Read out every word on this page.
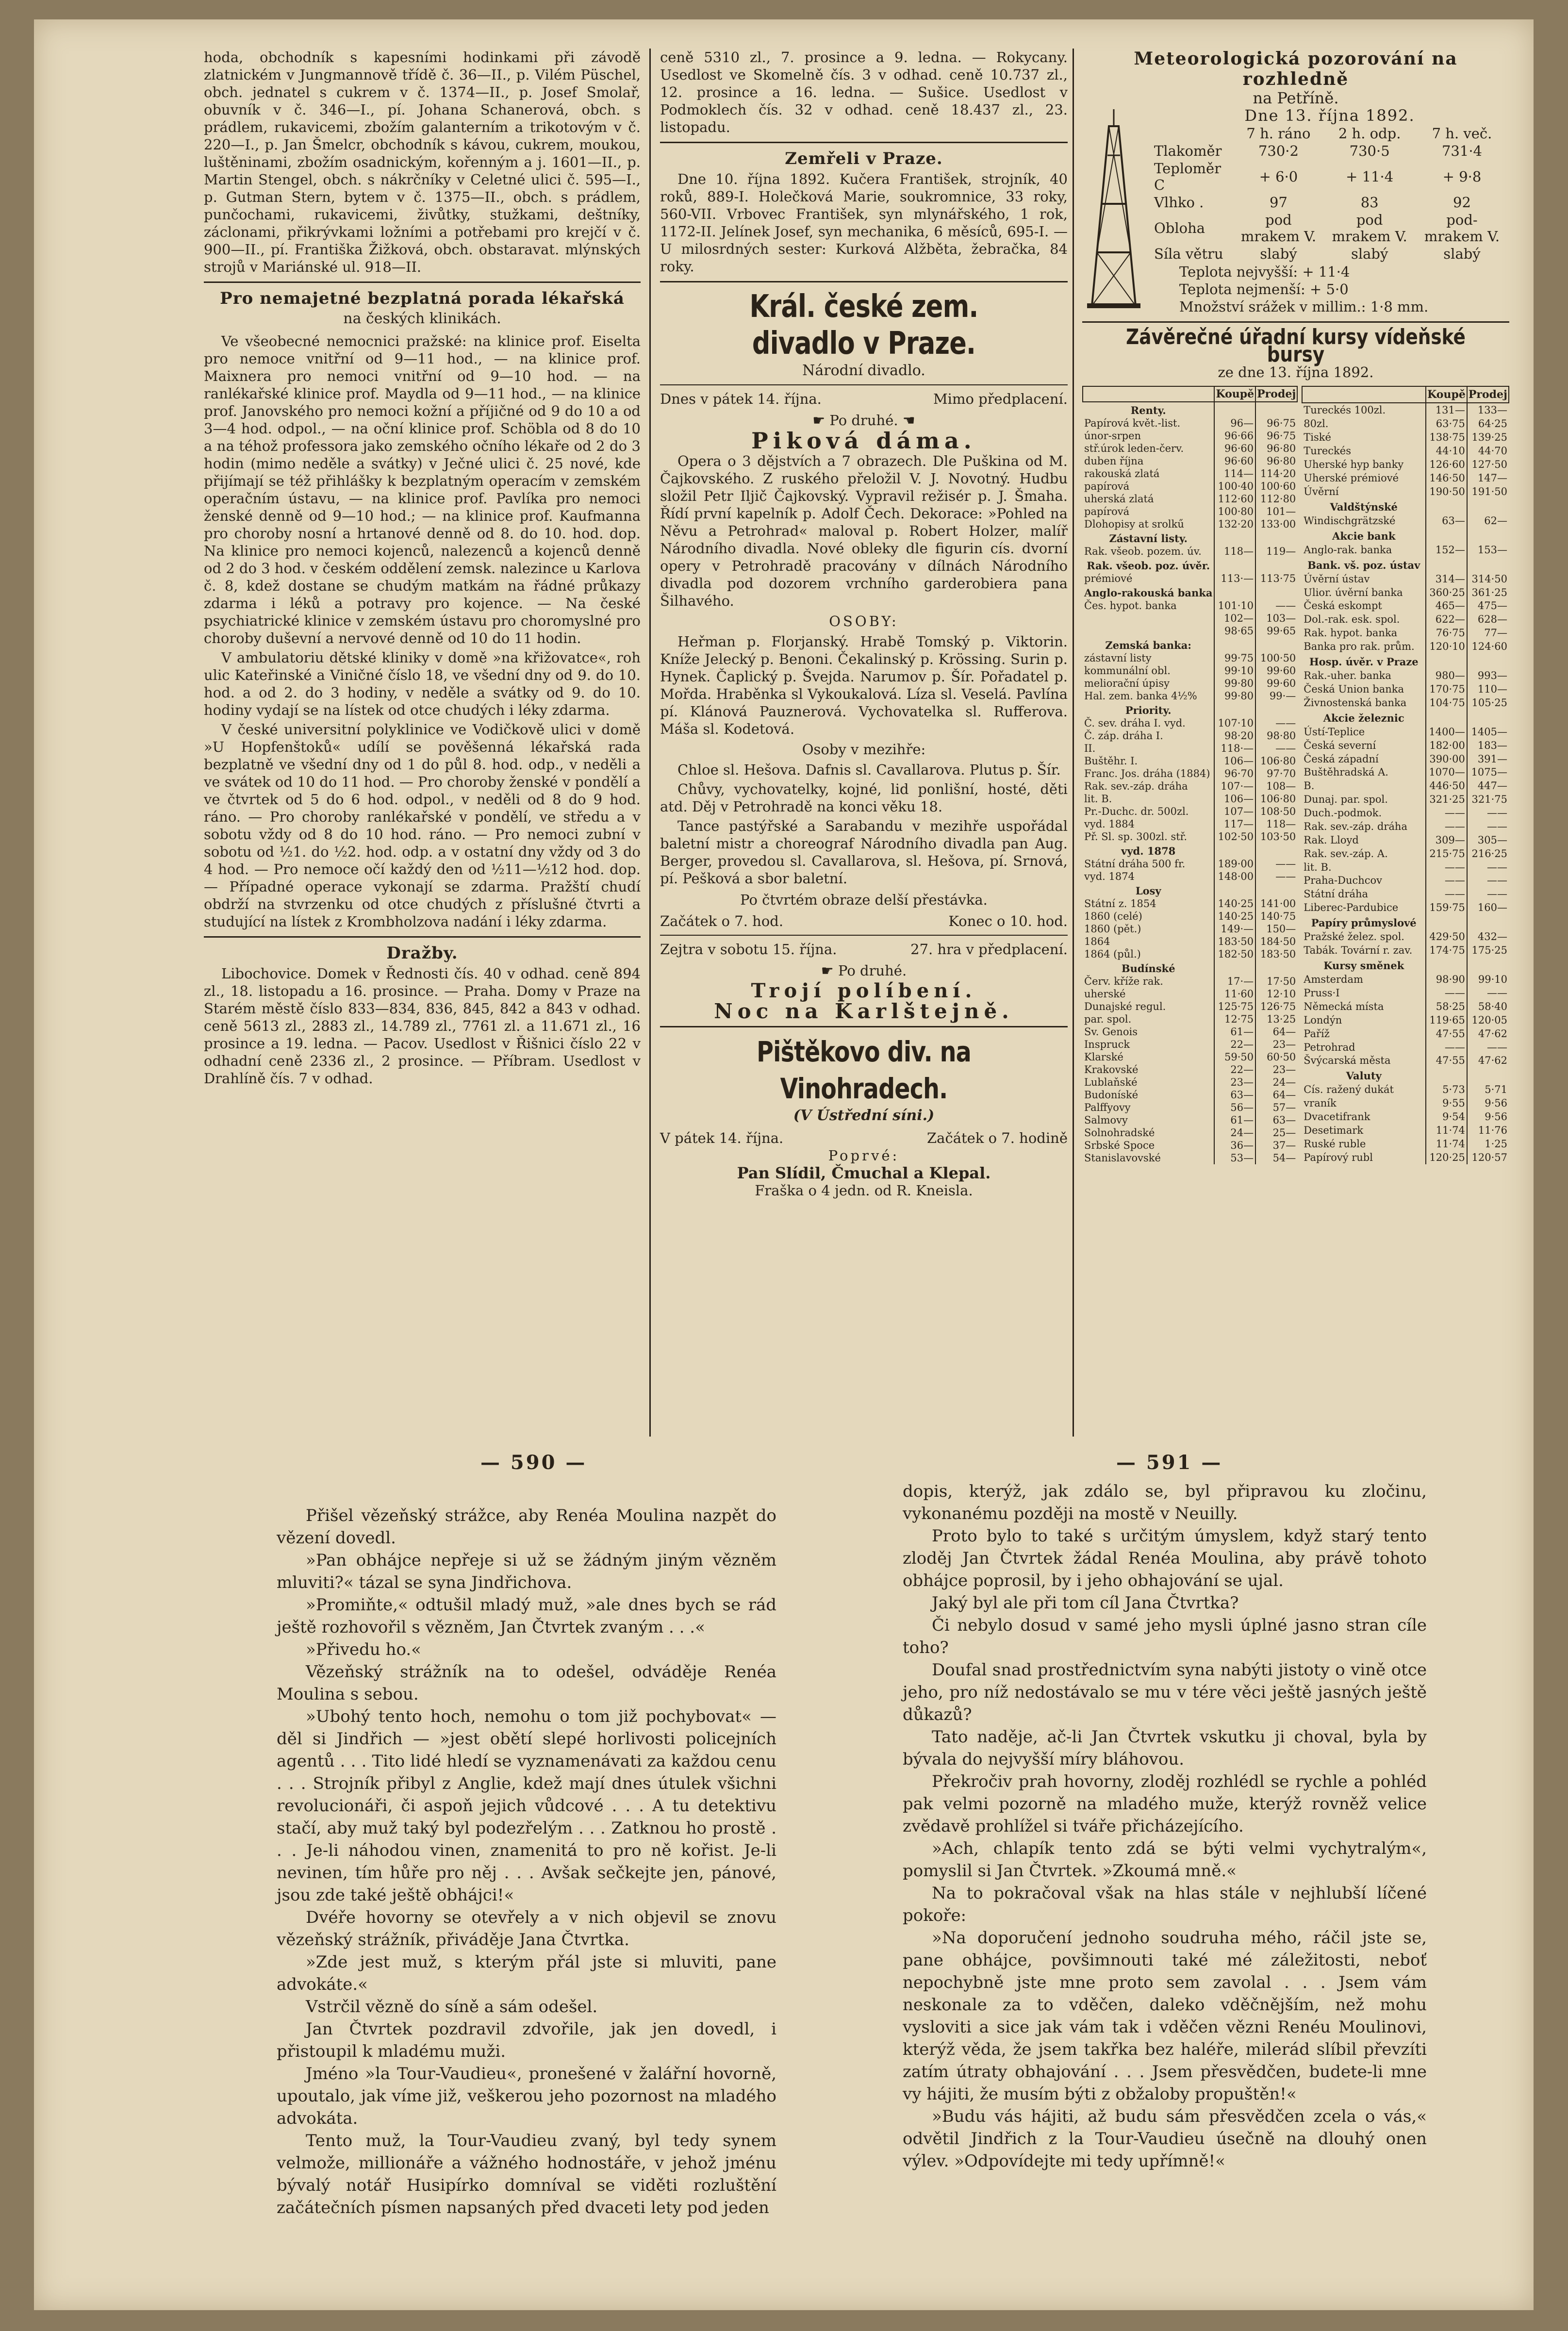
hoda, obchodník s kapesními hodinkami při závodě zlatnickém v Jungmannově třídě č. 36—II., p. Vilém Püschel, obch. jednatel s cukrem v č. 1374—II., p. Josef Smolař, obuvník v č. 346—I., pí. Johana Schanerová, obch. s prádlem, rukavicemi, zbožím galanterním a trikotovým v č. 220—I., p. Jan Šmelcr, obchodník s kávou, cukrem, moukou, luštěninami, zbožím osadnickým, kořenným a j. 1601—II., p. Martin Stengel, obch. s nákrčníky v Celetné ulici č. 595—I., p. Gutman Stern, bytem v č. 1375—II., obch. s prádlem, punčochami, rukavicemi, živůtky, stužkami, deštníky, záclonami, přikrývkami ložními a potřebami pro krejčí v č. 900—II., pí. Františka Žižková, obch. obstaravat. mlýnských strojů v Mariánské ul. 918—II.

Pro nemajetné bezplatná porada lékařská
na českých klinikách.

Ve všeobecné nemocnici pražské: na klinice prof. Eiselta pro nemoce vnitřní od 9—11 hod., — na klinice prof. Maixnera pro nemoci vnitřní od 9—10 hod. — na ranlékařské klinice prof. Maydla od 9—11 hod., — na klinice prof. Janovského pro nemoci kožní a příjičné od 9 do 10 a od 3—4 hod. odpol., — na oční klinice prof. Schöbla od 8 do 10 a na téhož professora jako zemského očního lékaře od 2 do 3 hodin (mimo neděle a svátky) v Ječné ulici č. 25 nové, kde přijímají se též přihlášky k bezplatným operacím v zemském operačním ústavu, — na klinice prof. Pavlíka pro nemoci ženské denně od 9—10 hod.; — na klinice prof. Kaufmanna pro choroby nosní a hrtanové denně od 8. do 10. hod. dop. Na klinice pro nemoci kojenců, nalezenců a kojenců denně od 2 do 3 hod. v českém oddělení zemsk. nalezince u Karlova č. 8, kdež dostane se chudým matkám na řádné průkazy zdarma i léků a potravy pro kojence. — Na české psychiatrické klinice v zemském ústavu pro choromyslné pro choroby duševní a nervové denně od 10 do 11 hodin.

V ambulatoriu dětské kliniky v domě »na křižovatce«, roh ulic Kateřinské a Viničné číslo 18, ve všední dny od 9. do 10. hod. a od 2. do 3 hodiny, v neděle a svátky od 9. do 10. hodiny vydají se na lístek od otce chudých i léky zdarma.

V české universitní polyklinice ve Vodičkově ulici v domě »U Hopfenštoků« udílí se pověšenná lékařská rada bezplatně ve všední dny od 1 do půl 8. hod. odp., v neděli a ve svátek od 10 do 11 hod. — Pro choroby ženské v pondělí a ve čtvrtek od 5 do 6 hod. odpol., v neděli od 8 do 9 hod. ráno. — Pro choroby ranlékařské v pondělí, ve středu a v sobotu vždy od 8 do 10 hod. ráno. — Pro nemoci zubní v sobotu od ½1. do ½2. hod. odp. a v ostatní dny vždy od 3 do 4 hod. — Pro nemoce očí každý den od ½11—½12 hod. dop. — Případné operace vykonají se zdarma. Pražští chudí obdrží na stvrzenku od otce chudých z příslušné čtvrti a studující na lístek z Krombholzova nadání i léky zdarma.

Dražby.

Libochovice. Domek v Řednosti čís. 40 v odhad. ceně 894 zl., 18. listopadu a 16. prosince. — Praha. Domy v Praze na Starém městě číslo 833—834, 836, 845, 842 a 843 v odhad. ceně 5613 zl., 2883 zl., 14.789 zl., 7761 zl. a 11.671 zl., 16 prosince a 19. ledna. — Pacov. Usedlost v Řišnici číslo 22 v odhadní ceně 2336 zl., 2 prosince. — Příbram. Usedlost v Drahlíně čís. 7 v odhad.

ceně 5310 zl., 7. prosince a 9. ledna. — Rokycany. Usedlost ve Skomelně čís. 3 v odhad. ceně 10.737 zl., 12. prosince a 16. ledna. — Sušice. Usedlost v Podmoklech čís. 32 v odhad. ceně 18.437 zl., 23. listopadu.

Zemřeli v Praze.

Dne 10. října 1892. Kučera František, strojník, 40 roků, 889-I. Holečková Marie, soukromnice, 33 roky, 560-VII. Vrbovec František, syn mlynářského, 1 rok, 1172-II. Jelínek Josef, syn mechanika, 6 měsíců, 695-I. — U milosrdných sester: Kurková Alžběta, žebračka, 84 roky.

Král. české zem. divadlo v Praze.
Národní divadlo.
Dnes v pátek 14. října.	Mimo předplacení.
☛ Po druhé. ☚
Piková dáma.

Opera o 3 dějstvích a 7 obrazech. Dle Puškina od M. Čajkovského. Z ruského přeložil V. J. Novotný. Hudbu složil Petr Iljič Čajkovský. Vypravil režisér p. J. Šmaha. Řídí první kapelník p. Adolf Čech. Dekorace: »Pohled na Něvu a Petrohrad« maloval p. Robert Holzer, malíř Národního divadla. Nové obleky dle figurin cís. dvorní opery v Petrohradě pracovány v dílnách Národního divadla pod dozorem vrchního garderobiera pana Šilhavého.

OSOBY:

Heřman p. Florjanský. Hrabě Tomský p. Viktorin. Kníže Jelecký p. Benoni. Čekalinský p. Krössing. Surin p. Hynek. Čaplický p. Švejda. Narumov p. Šír. Pořadatel p. Mořda. Hraběnka sl Vykoukalová. Líza sl. Veselá. Pavlína pí. Klánová Pauznerová. Vychovatelka sl. Rufferova. Máša sl. Kodetová.

Osoby v mezihře:

Chloe sl. Hešova. Dafnis sl. Cavallarova. Plutus p. Šír.

Chůvy, vychovatelky, kojné, lid ponlišní, hosté, děti atd. Děj v Petrohradě na konci věku 18.

Tance pastýřské a Sarabandu v mezihře uspořádal baletní mistr a choreograf Národního divadla pan Aug. Berger, provedou sl. Cavallarova, sl. Hešova, pí. Srnová, pí. Pešková a sbor baletní.

Po čtvrtém obraze delší přestávka.
Začátek o 7. hod.	Konec o 10. hod.
Zejtra v sobotu 15. října.	27. hra v předplacení.
☛ Po druhé.
Trojí políbení.
Noc na Karlštejně.
Pištěkovo div. na Vinohradech.
(V Ústřední síni.)
V pátek 14. října.	Začátek o 7. hodině
Poprvé:
Pan Slídil, Čmuchal a Klepal.
Fraška o 4 jedn. od R. Kneisla.
Meteorologická pozorování na rozhledně
na Petříně.
Dne 13. října 1892.
	7 h. ráno	2 h. odp.	7 h. več.
Tlakoměr	730·2	730·5	731·4
Teploměr C	+ 6·0	+ 11·4	+ 9·8
Vlhko .	97	83	92
Obloha	pod mrakem V.	pod mrakem V.	pod- mrakem V.
Síla větru	slabý	slabý	slabý
Teplota nejvyšší: + 11·4
Teplota nejmenší: + 5·0
Množství srážek v millim.: 1·8 mm.
Závěrečné úřadní kursy vídeňské bursy
ze dne 13. října 1892.
	Koupě	Prodej
Renty.		
Papírová květ.-list.	96—	96·75
únor-srpen	96·66	96·75
stř.úrok leden-červ.	96·60	96·80
duben října	96·60	96·80
rakouská zlatá	114—	114·20
papírová	100·40	100·60
uherská zlatá	112·60	112·80
papírová	100·80	101—
Dlohopisy at srolkű	132·20	133·00
Zástavní listy.		
Rak. všeob. pozem. úv.	118—	119—
Rak. všeob. poz. úvěr.		
prémiové	113·—	113·75
Anglo-rakouská banka		
Čes. hypot. banka	101·10	——
	102—	103—
	98·65	99·65
Zemská banka:		
zástavní listy	99·75	100·50
kommunální obl.	99·10	99·60
meliorační úpisy	99·80	99·60
Hal. zem. banka 4½%	99·80	99·—
Priority.		
Č. sev. dráha I. vyd.	107·10	——
Č. záp. dráha I.	98·20	98·80
II.	118·—	——
Buštěhr. I.	106—	106·80
Franc. Jos. dráha (1884)	96·70	97·70
Rak. sev.-záp. dráha	107·—	108—
lit. B.	106—	106·80
Pr.-Duchc. dr. 500zl.	107—	108·50
vyd. 1884	117—	118—
Př. Sl. sp. 300zl. stř.	102·50	103·50
vyd. 1878		
Státní dráha 500 fr.	189·00	——
vyd. 1874	148·00	——
Losy		
Státní z. 1854	140·25	141·00
1860 (celé)	140·25	140·75
1860 (pět.)	149·—	150—
1864	183·50	184·50
1864 (půl.)	182·50	183·50
Budínské		
Červ. kříže rak.	17·—	17·50
uherské	11·60	12·10
Dunajské regul.	125·75	126·75
par. spol.	12·75	13·25
Sv. Genois	61—	64—
Inspruck	22—	23—
Klarské	59·50	60·50
Krakovské	22—	23—
Lublaňské	23—	24—
Budoníské	63—	64—
Palffyovy	56—	57—
Salmovy	61—	63—
Solnohradské	24—	25—
Srbské Spoce	36—	37—
Stanislavovské	53—	54—
	Koupě	Prodej
Tureckés 100zl.	131—	133—
80zl.	63·75	64·25
Tiské	138·75	139·25
Tureckés	44·10	44·70
Uherské hyp banky	126·60	127·50
Uherské prémiové	146·50	147—
Úvěrní	190·50	191·50
Valdštýnské		
Windischgrätzské	63—	62—
Akcie bank		
Anglo-rak. banka	152—	153—
Bank. vš. poz. ústav		
Úvěrní ústav	314—	314·50
Ulior. úvěrní banka	360·25	361·25
Česká eskompt	465—	475—
Dol.-rak. esk. spol.	622—	628—
Rak. hypot. banka	76·75	77—
Banka pro rak. prům.	120·10	124·60
Hosp. úvěr. v Praze		
Rak.-uher. banka	980—	993—
Česká Union banka	170·75	110—
Živnostenská banka	104·75	105·25
Akcie železnic		
Ústí-Teplice	1400—	1405—
Česká severní	182·00	183—
Česká západní	390·00	391—
Buštěhradská A.	1070—	1075—
B.	446·50	447—
Dunaj. par. spol.	321·25	321·75
Duch.-podmok.	——	——
Rak. sev.-záp. dráha	——	——
Rak. Lloyd	309—	305—
Rak. sev.-záp. A.	215·75	216·25
lit. B.	——	——
Praha-Duchcov	——	——
Státní dráha	——	——
Liberec-Pardubice	159·75	160—
Papíry průmyslové		
Pražské želez. spol.	429·50	432—
Tabák. Tovární r. zav.	174·75	175·25
Kursy směnek		
Amsterdam	98·90	99·10
Pruss·I	——	——
Německá místa	58·25	58·40
Londýn	119·65	120·05
Paříž	47·55	47·62
Petrohrad	——	——
Švýcarská města	47·55	47·62
Valuty		
Cís. ražený dukát	5·73	5·71
vraník	9·55	9·56
Dvacetifrank	9·54	9·56
Desetimark	11·74	11·76
Ruské ruble	11·74	1·25
Papírový rubl	120·25	120·57
— 590 —	— 591 —

Přišel vězeňský strážce, aby Renéa Moulina nazpět do vězení dovedl.

»Pan obhájce nepřeje si už se žádným jiným vězněm mluviti?« tázal se syna Jindřichova.

»Promiňte,« odtušil mladý muž, »ale dnes bych se rád ještě rozhovořil s vězněm, Jan Čtvrtek zvaným . . .«

»Přivedu ho.«

Vězeňský strážník na to odešel, odváděje Renéa Moulina s sebou.

»Ubohý tento hoch, nemohu o tom již pochybovat« — děl si Jindřich — »jest obětí slepé horlivosti policejních agentů . . . Tito lidé hledí se vyznamenávati za každou cenu . . . Strojník přibyl z Anglie, kdež mají dnes útulek všichni revolucionáři, či aspoň jejich vůdcové . . . A tu detektivu stačí, aby muž taký byl podezřelým . . . Zatknou ho prostě . . . Je-li náhodou vinen, znamenitá to pro ně kořist. Je-li nevinen, tím hůře pro něj . . . Avšak sečkejte jen, pánové, jsou zde také ještě obhájci!«

Dvéře hovorny se otevřely a v nich objevil se znovu vězeňský strážník, přiváděje Jana Čtvrtka.

»Zde jest muž, s kterým přál jste si mluviti, pane advokáte.«

Vstrčil vězně do síně a sám odešel.

Jan Čtvrtek pozdravil zdvořile, jak jen dovedl, i přistoupil k mladému muži.

Jméno »la Tour-Vaudieu«, pronešené v žalářní hovorně, upoutalo, jak víme již, veškerou jeho pozornost na mladého advokáta.

Tento muž, la Tour-Vaudieu zvaný, byl tedy synem velmože, millionáře a vážného hodnostáře, v jehož jménu bývalý notář Husipírko domníval se viděti rozluštění začátečních písmen napsaných před dvaceti lety pod jeden

dopis, kterýž, jak zdálo se, byl připravou ku zločinu, vykonanému později na mostě v Neuilly.

Proto bylo to také s určitým úmyslem, když starý tento zloděj Jan Čtvrtek žádal Renéa Moulina, aby právě tohoto obhájce poprosil, by i jeho obhajování se ujal.

Jaký byl ale při tom cíl Jana Čtvrtka?

Či nebylo dosud v samé jeho mysli úplné jasno stran cíle toho?

Doufal snad prostřednictvím syna nabýti jistoty o vině otce jeho, pro níž nedostávalo se mu v tére věci ještě jasných ještě důkazů?

Tato naděje, ač-li Jan Čtvrtek vskutku ji choval, byla by bývala do nejvyšší míry bláhovou.

Překročiv prah hovorny, zloděj rozhlédl se rychle a pohléd pak velmi pozorně na mladého muže, kterýž rovněž velice zvědavě prohlížel si tváře přicházejícího.

»Ach, chlapík tento zdá se býti velmi vychytralým«, pomyslil si Jan Čtvrtek. »Zkoumá mně.«

Na to pokračoval však na hlas stále v nejhlubší líčené pokoře:

»Na doporučení jednoho soudruha mého, ráčil jste se, pane obhájce, povšimnouti také mé záležitosti, neboť nepochybně jste mne proto sem zavolal . . . Jsem vám neskonale za to vděčen, daleko vděčnějším, než mohu vysloviti a sice jak vám tak i vděčen vězni Renéu Moulinovi, kterýž věda, že jsem takřka bez haléře, milerád slíbil převzíti zatím útraty obhajování . . . Jsem přesvědčen, budete-li mne vy hájiti, že musím býti z obžaloby propuštěn!«

»Budu vás hájiti, až budu sám přesvědčen zcela o vás,« odvětil Jindřich z la Tour-Vaudieu úsečně na dlouhý onen výlev. »Odpovídejte mi tedy upřímně!«
